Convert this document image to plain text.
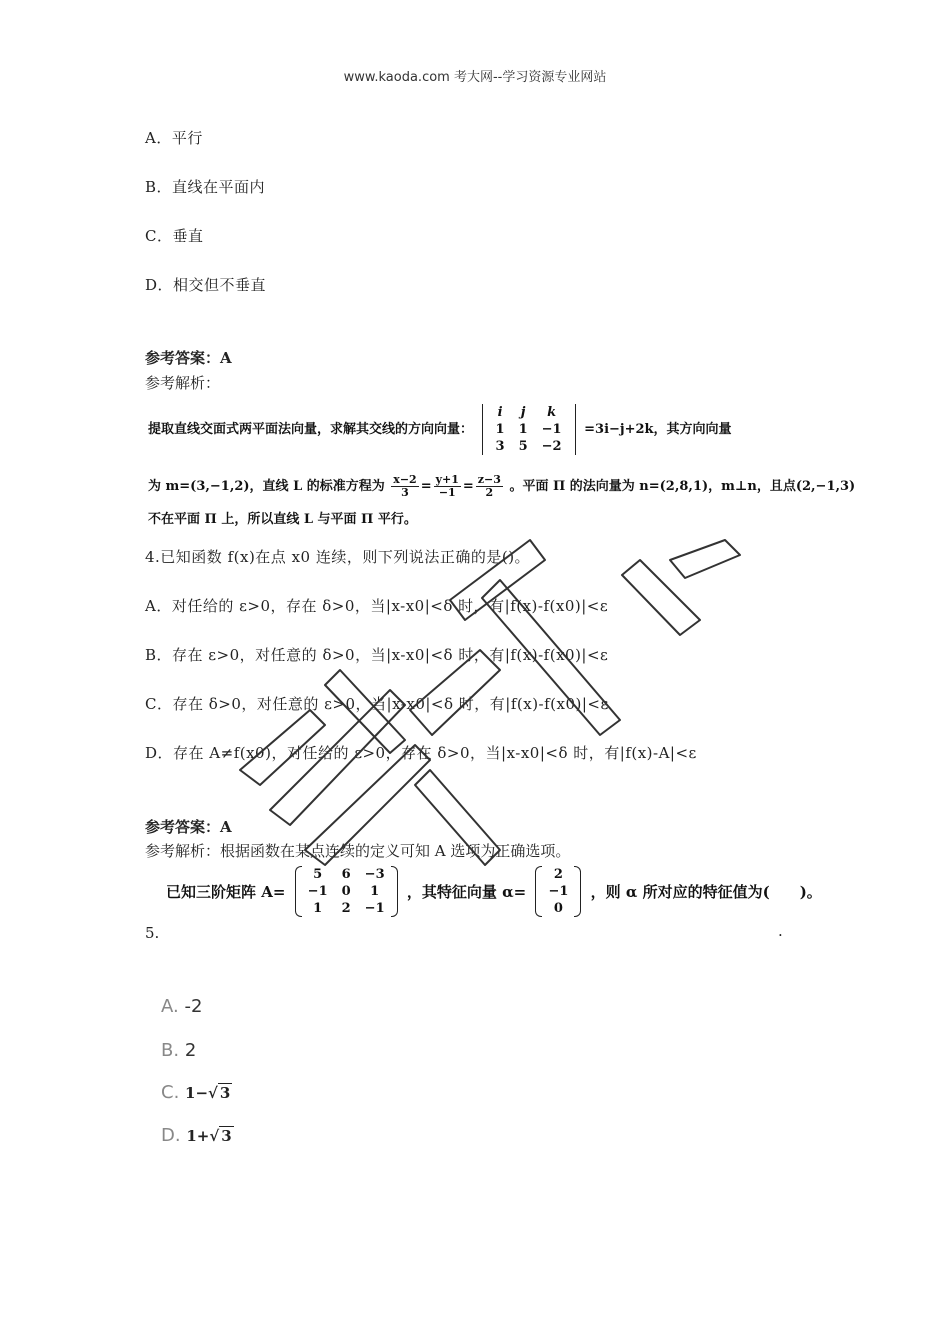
www.kaoda.com 考大网--学习资源专业网站
A．平行
B．直线在平面内
C．垂直
D．相交但不垂直
参考答案：A
参考解析：
提取直线交面式两平面法向量，求解其交线的方向向量：
i	j	k
1	1	−1
3	5	−2
=3i−j+2k，其方向向量
为 m=(3,−1,2)，直线 L 的标准方程为 $\frac{x-2}{3} = \frac{y+1}{-1} = \frac{z-3}{2}$ 。平面 Π 的法向量为 n=(2,8,1)，m⊥n，且点(2,−1,3)
不在平面 Π 上，所以直线 L 与平面 Π 平行。
4.已知函数 f(x)在点 x0 连续，则下列说法正确的是()。
A．对任给的 ε>0，存在 δ>0，当|x-x0|<δ 时，有|f(x)-f(x0)|<ε
B．存在 ε>0，对任意的 δ>0，当|x-x0|<δ 时，有|f(x)-f(x0)|<ε
C．存在 δ>0，对任意的 ε>0，当|x-x0|<δ 时，有|f(x)-f(x0)|<ε
D．存在 A≠f(x0)，对任给的 ε>0，存在 δ>0，当|x-x0|<δ 时，有|f(x)-A|<ε
参考答案：A
参考解析：根据函数在某点连续的定义可知 A 选项为正确选项。
5.
已知三阶矩阵 A=
5	6	−3
−1	0	1
1	2	−1
，其特征向量 α=
2
−1
0
，则 α 所对应的特征值为(　　)。
.
A. -2
B. 2
C. 1−√ 3
D. 1+√ 3
